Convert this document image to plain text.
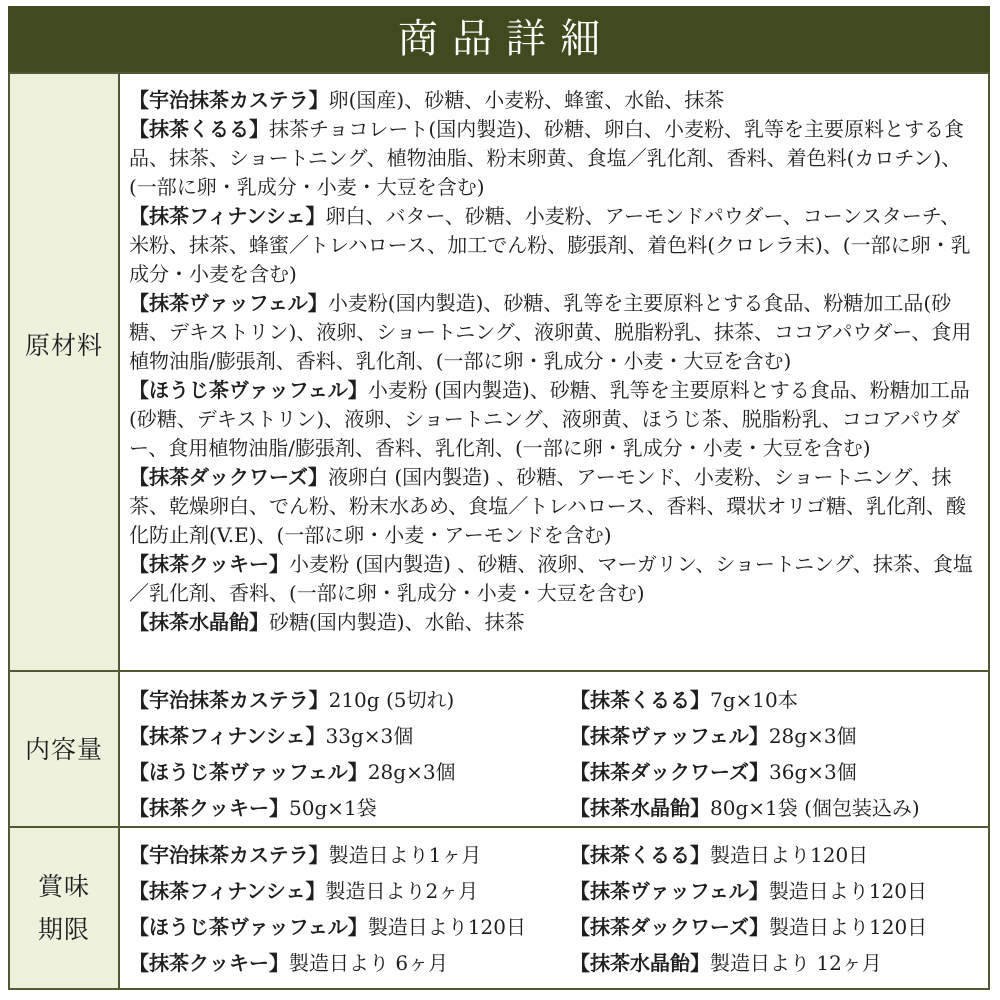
商品詳細
原材料
【宇治抹茶カステラ】卵(国産)、砂糖、小麦粉、蜂蜜、水飴、抹茶
【抹茶くるる】抹茶チョコレート(国内製造)、砂糖、卵白、小麦粉、乳等を主要原料とする食品、抹茶、ショートニング、植物油脂、粉末卵黄、食塩／乳化剤、香料、着色料(カロチン)、(一部に卵・乳成分・小麦・大豆を含む)
【抹茶フィナンシェ】卵白、バター、砂糖、小麦粉、アーモンドパウダー、コーンスターチ、米粉、抹茶、蜂蜜／トレハロース、加工でん粉、膨張剤、着色料(クロレラ末)、(一部に卵・乳成分・小麦を含む)
【抹茶ヴァッフェル】小麦粉(国内製造)、砂糖、乳等を主要原料とする食品、粉糖加工品(砂糖、デキストリン)、液卵、ショートニング、液卵黄、脱脂粉乳、抹茶、ココアパウダー、食用植物油脂/膨張剤、香料、乳化剤、(一部に卵・乳成分・小麦・大豆を含む)
【ほうじ茶ヴァッフェル】小麦粉 (国内製造)、砂糖、乳等を主要原料とする食品、粉糖加工品(砂糖、デキストリン)、液卵、ショートニング、液卵黄、ほうじ茶、脱脂粉乳、ココアパウダー、食用植物油脂/膨張剤、香料、乳化剤、(一部に卵・乳成分・小麦・大豆を含む)
【抹茶ダックワーズ】液卵白 (国内製造) 、砂糖、アーモンド、小麦粉、ショートニング、抹茶、乾燥卵白、でん粉、粉末水あめ、食塩／トレハロース、香料、環状オリゴ糖、乳化剤、酸化防止剤(V.E)、(一部に卵・小麦・アーモンドを含む)
【抹茶クッキー】小麦粉 (国内製造) 、砂糖、液卵、マーガリン、ショートニング、抹茶、食塩／乳化剤、香料、(一部に卵・乳成分・小麦・大豆を含む)
【抹茶水晶飴】砂糖(国内製造)、水飴、抹茶
内容量
【宇治抹茶カステラ】210g (5切れ)	【抹茶くるる】7g×10本
【抹茶フィナンシェ】33g×3個	【抹茶ヴァッフェル】28g×3個
【ほうじ茶ヴァッフェル】28g×3個	【抹茶ダックワーズ】36g×3個
【抹茶クッキー】50g×1袋	【抹茶水晶飴】80g×1袋 (個包装込み)
賞味
期限
【宇治抹茶カステラ】製造日より1ヶ月	【抹茶くるる】製造日より120日
【抹茶フィナンシェ】製造日より2ヶ月	【抹茶ヴァッフェル】製造日より120日
【ほうじ茶ヴァッフェル】製造日より120日	【抹茶ダックワーズ】製造日より120日
【抹茶クッキー】製造日より 6ヶ月	【抹茶水晶飴】製造日より 12ヶ月
